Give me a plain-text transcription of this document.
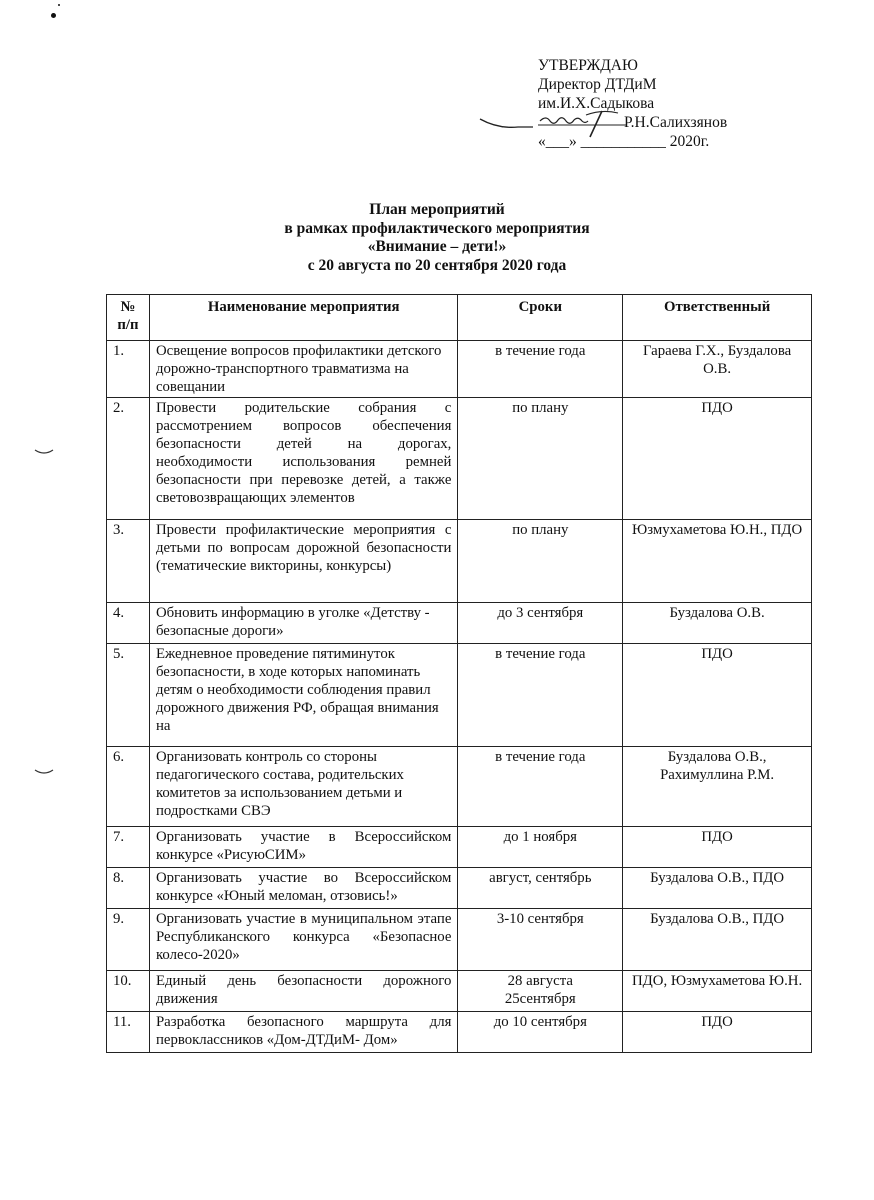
УТВЕРЖДАЮ
Директор ДТДиМ
им.И.Х.Садыкова
Р.Н.Салихзянов
«___» ___________ 2020г.
План мероприятий
в рамках профилактического мероприятия
«Внимание – дети!»
с 20 августа по 20 сентября 2020 года
№ п/п	Наименование мероприятия	Сроки	Ответственный
1.	Освещение вопросов профилактики детского дорожно-транспортного травматизма на совещании	в течение года	Гараева Г.Х., Буздалова О.В.
2.	Провести родительские собрания с рассмотрением вопросов обеспечения безопасности детей на дорогах, необходимости использования ремней безопасности при перевозке детей, а также световозвращающих элементов	по плану	ПДО
3.	Провести профилактические мероприятия с детьми по вопросам дорожной безопасности (тематические викторины, конкурсы)	по плану	Юзмухаметова Ю.Н., ПДО
4.	Обновить информацию в уголке «Детству - безопасные дороги»	до 3 сентября	Буздалова О.В.
5.	Ежедневное проведение пятиминуток безопасности, в ходе которых напоминать детям о необходимости соблюдения правил дорожного движения РФ, обращая внимания на	в течение года	ПДО
6.	Организовать контроль со стороны педагогического состава, родительских комитетов за использованием детьми и подростками СВЭ	в течение года	Буздалова О.В., Рахимуллина Р.М.
7.	Организовать участие в Всероссийском конкурсе «РисуюСИМ»	до 1 ноября	ПДО
8.	Организовать участие во Всероссийском конкурсе «Юный меломан, отзовись!»	август, сентябрь	Буздалова О.В., ПДО
9.	Организовать участие в муниципальном этапе Республиканского конкурса «Безопасное колесо-2020»	3-10 сентября	Буздалова О.В., ПДО
10.	Единый день безопасности дорожного движения	28 августа 25сентября	ПДО, Юзмухаметова Ю.Н.
11.	Разработка безопасного маршрута для первоклассников «Дом-ДТДиМ- Дом»	до 10 сентября	ПДО
